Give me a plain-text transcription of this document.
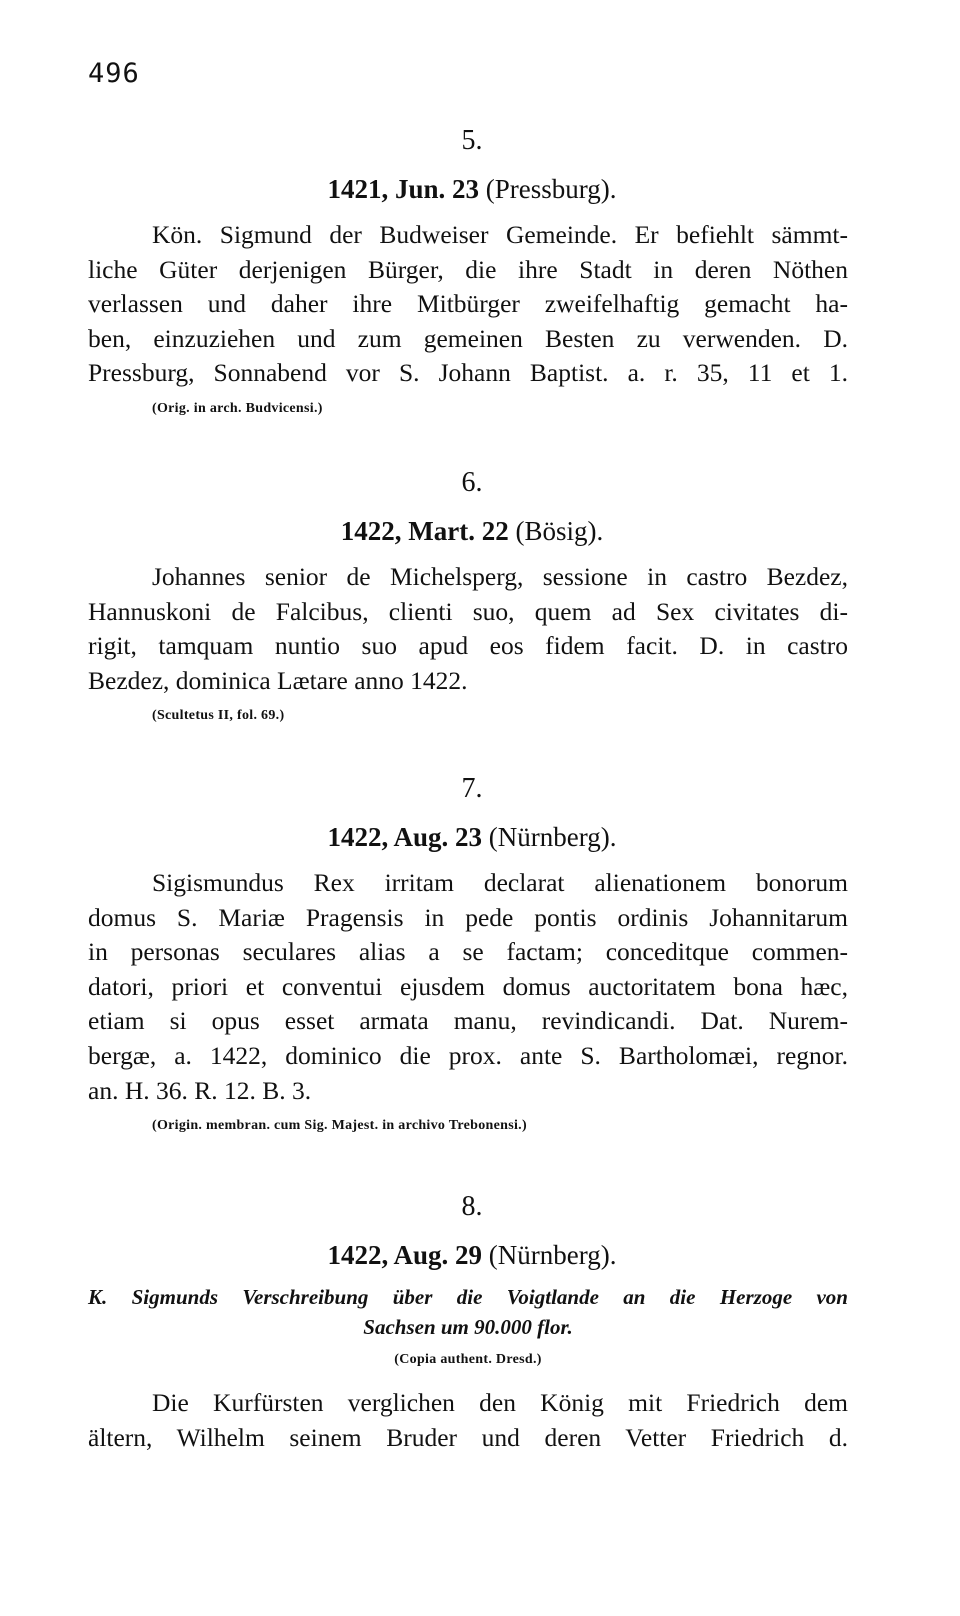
496
5.
1421, Jun. 23 (Pressburg).
Kön. Sigmund der Budweiser Gemeinde. Er befiehlt sämmt-
liche Güter derjenigen Bürger, die ihre Stadt in deren Nöthen
verlassen und daher ihre Mitbürger zweifelhaftig gemacht ha-
ben, einzuziehen und zum gemeinen Besten zu verwenden. D.
Pressburg, Sonnabend vor S. Johann Baptist. a. r. 35, 11 et 1.
(Orig. in arch. Budvicensi.)
6.
1422, Mart. 22 (Bösig).
Johannes senior de Michelsperg, sessione in castro Bezdez,
Hannuskoni de Falcibus, clienti suo, quem ad Sex civitates di-
rigit, tamquam nuntio suo apud eos fidem facit. D. in castro
Bezdez, dominica Lætare anno 1422.
(Scultetus II, fol. 69.)
7.
1422, Aug. 23 (Nürnberg).
Sigismundus Rex irritam declarat alienationem bonorum
domus S. Mariæ Pragensis in pede pontis ordinis Johannitarum
in personas seculares alias a se factam; conceditque commen-
datori, priori et conventui ejusdem domus auctoritatem bona hæc,
etiam si opus esset armata manu, revindicandi. Dat. Nurem-
bergæ, a. 1422, dominico die prox. ante S. Bartholomæi, regnor.
an. H. 36. R. 12. B. 3.
(Origin. membran. cum Sig. Majest. in archivo Trebonensi.)
8.
1422, Aug. 29 (Nürnberg).
K. Sigmunds Verschreibung über die Voigtlande an die Herzoge von
Sachsen um 90.000 flor.
(Copia authent. Dresd.)
Die Kurfürsten verglichen den König mit Friedrich dem
ältern, Wilhelm seinem Bruder und deren Vetter Friedrich d.
